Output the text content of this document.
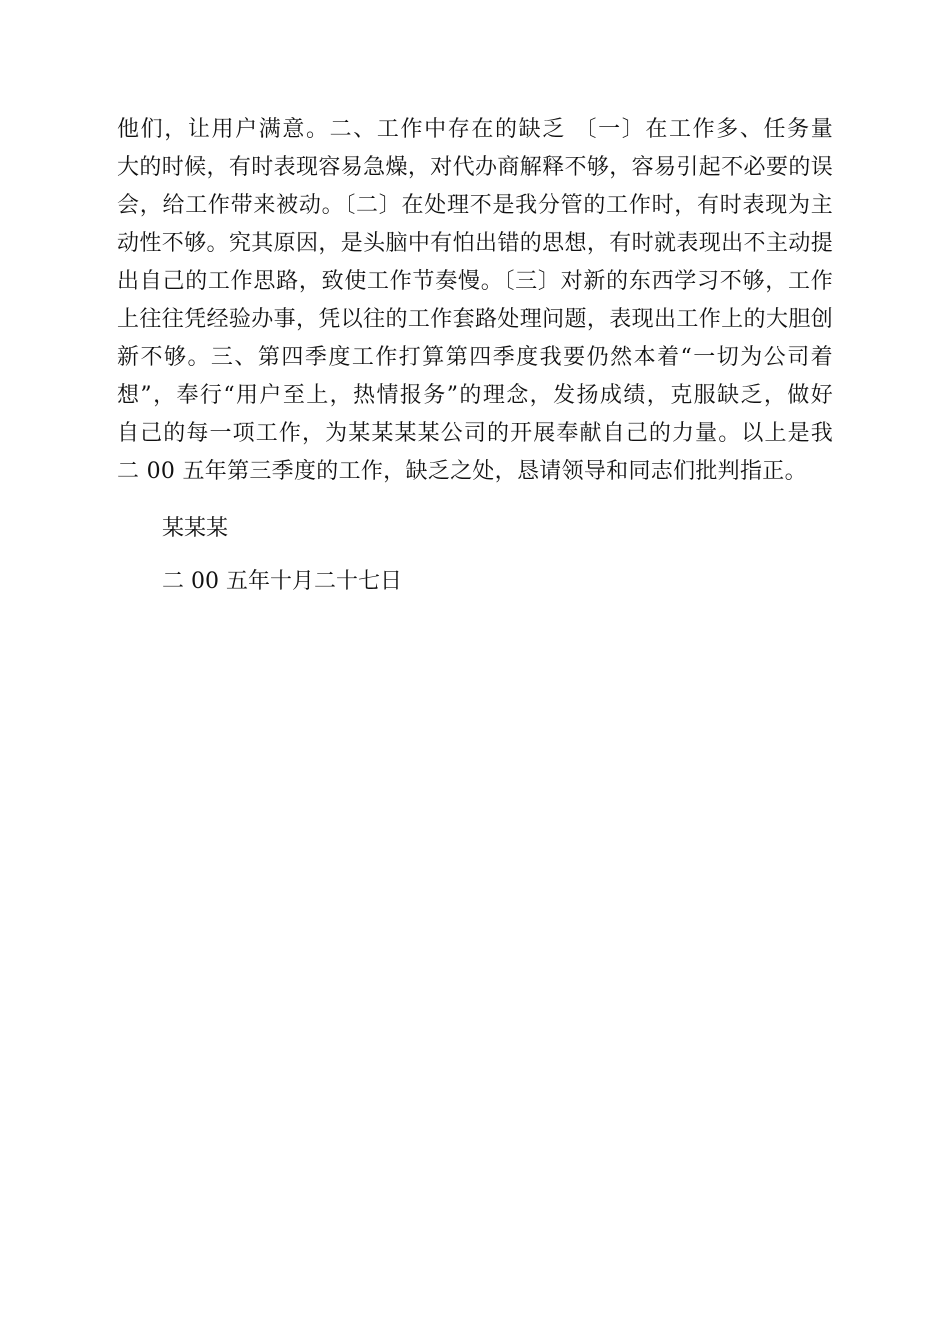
他们，让用户满意。二、工作中存在的缺乏 〔一〕在工作多、任务量
大的时候，有时表现容易急燥，对代办商解释不够，容易引起不必要的误
会，给工作带来被动。〔二〕在处理不是我分管的工作时，有时表现为主
动性不够。究其原因，是头脑中有怕出错的思想，有时就表现出不主动提
出自己的工作思路，致使工作节奏慢。〔三〕对新的东西学习不够，工作
上往往凭经验办事，凭以往的工作套路处理问题，表现出工作上的大胆创
新不够。三、第四季度工作打算第四季度我要仍然本着“一切为公司着
想”，奉行“用户至上，热情报务”的理念，发扬成绩，克服缺乏，做好
自己的每一项工作，为某某某某公司的开展奉献自己的力量。以上是我
二 00 五年第三季度的工作，缺乏之处，恳请领导和同志们批判指正。
某某某
二 00 五年十月二十七日
